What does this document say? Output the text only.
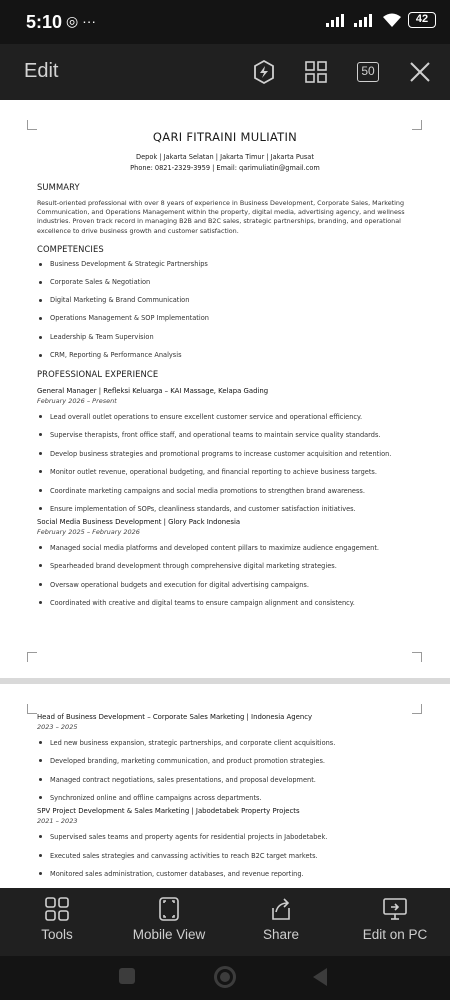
5:10 ◎ ···	42
Edit	50
QARI FITRAINI MULIATIN
Depok | Jakarta Selatan | Jakarta Timur | Jakarta Pusat
Phone: 0821-2329-3959 | Email: qarimuliatin@gmail.com
SUMMARY
Result-oriented professional with over 8 years of experience in Business Development, Corporate Sales, Marketing Communication, and Operations Management within the property, digital media, advertising agency, and wellness industries. Proven track record in managing B2B and B2C sales, strategic partnerships, branding, and operational excellence to drive business growth and customer satisfaction.
COMPETENCIES
Business Development & Strategic Partnerships
Corporate Sales & Negotiation
Digital Marketing & Brand Communication
Operations Management & SOP Implementation
Leadership & Team Supervision
CRM, Reporting & Performance Analysis
PROFESSIONAL EXPERIENCE
General Manager | Refleksi Keluarga – KAI Massage, Kelapa Gading
February 2026 – Present
Lead overall outlet operations to ensure excellent customer service and operational efficiency.
Supervise therapists, front office staff, and operational teams to maintain service quality standards.
Develop business strategies and promotional programs to increase customer acquisition and retention.
Monitor outlet revenue, operational budgeting, and financial reporting to achieve business targets.
Coordinate marketing campaigns and social media promotions to strengthen brand awareness.
Ensure implementation of SOPs, cleanliness standards, and customer satisfaction initiatives.
Social Media Business Development | Glory Pack Indonesia
February 2025 – February 2026
Managed social media platforms and developed content pillars to maximize audience engagement.
Spearheaded brand development through comprehensive digital marketing strategies.
Oversaw operational budgets and execution for digital advertising campaigns.
Coordinated with creative and digital teams to ensure campaign alignment and consistency.
Head of Business Development – Corporate Sales Marketing | Indonesia Agency
2023 – 2025
Led new business expansion, strategic partnerships, and corporate client acquisitions.
Developed branding, marketing communication, and product promotion strategies.
Managed contract negotiations, sales presentations, and proposal development.
Synchronized online and offline campaigns across departments.
SPV Project Development & Sales Marketing | Jabodetabek Property Projects
2021 – 2023
Supervised sales teams and property agents for residential projects in Jabodetabek.
Executed sales strategies and canvassing activities to reach B2C target markets.
Monitored sales administration, customer databases, and revenue reporting.
Tools	Mobile View	Share	Edit on PC
